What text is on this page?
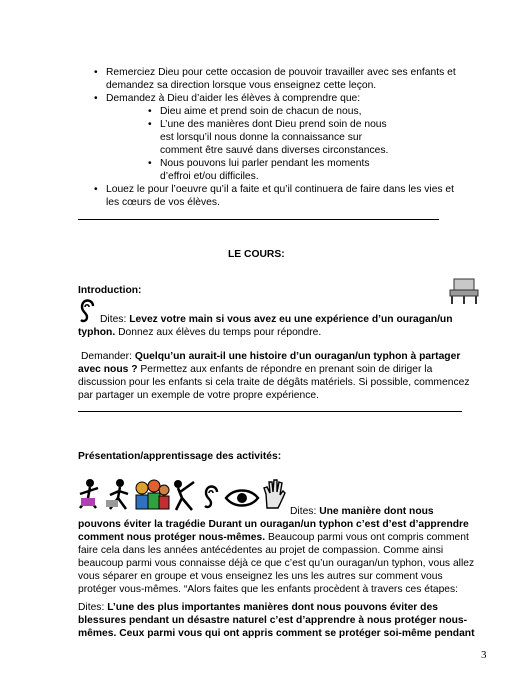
• Remerciez Dieu pour cette occasion de pouvoir travailler avec ses enfants et demandez sa direction lorsque vous enseignez cette leçon.
• Demandez à Dieu d’aider les élèves à comprendre que:
• Dieu aime et prend soin de chacun de nous,
• L’une des manières dont Dieu prend soin de nous est lorsqu’il nous donne la connaissance sur comment être sauvé dans diverses circonstances.
• Nous pouvons lui parler pendant les moments d’effroi et/ou difficiles.
• Louez le pour l’oeuvre qu’il a faite et qu’il continuera de faire dans les vies et les cœurs de vos élèves.
LE COURS:
Introduction:

Dites: Levez votre main si vous avez eu une expérience d’un ouragan/un typhon. Donnez aux élèves du temps pour répondre.

Demander: Quelqu’un aurait-il une histoire d’un ouragan/un typhon à partager avec nous ? Permettez aux enfants de répondre en prenant soin de diriger la discussion pour les enfants si cela traite de dégâts matériels. Si possible, commencez par partager un exemple de votre propre expérience.

Présentation/apprentissage des activités:

Dites: Une manière dont nous pouvons éviter la tragédie Durant un ouragan/un typhon c’est d’est d’apprendre comment nous protéger nous-mêmes. Beaucoup parmi vous ont compris comment faire cela dans les années antécédentes au projet de compassion. Comme ainsi beaucoup parmi vous connaisse déjà ce que c’est qu’un ouragan/un typhon, vous allez vous séparer en groupe et vous enseignez les uns les autres sur comment vous protéger vous-mêmes. “Alors faites que les enfants procèdent à travers ces étapes:

Dites: L’une des plus importantes manières dont nous pouvons éviter des blessures pendant un désastre naturel c’est d’apprendre à nous protéger nous-mêmes. Ceux parmi vous qui ont appris comment se protéger soi-même pendant

3
